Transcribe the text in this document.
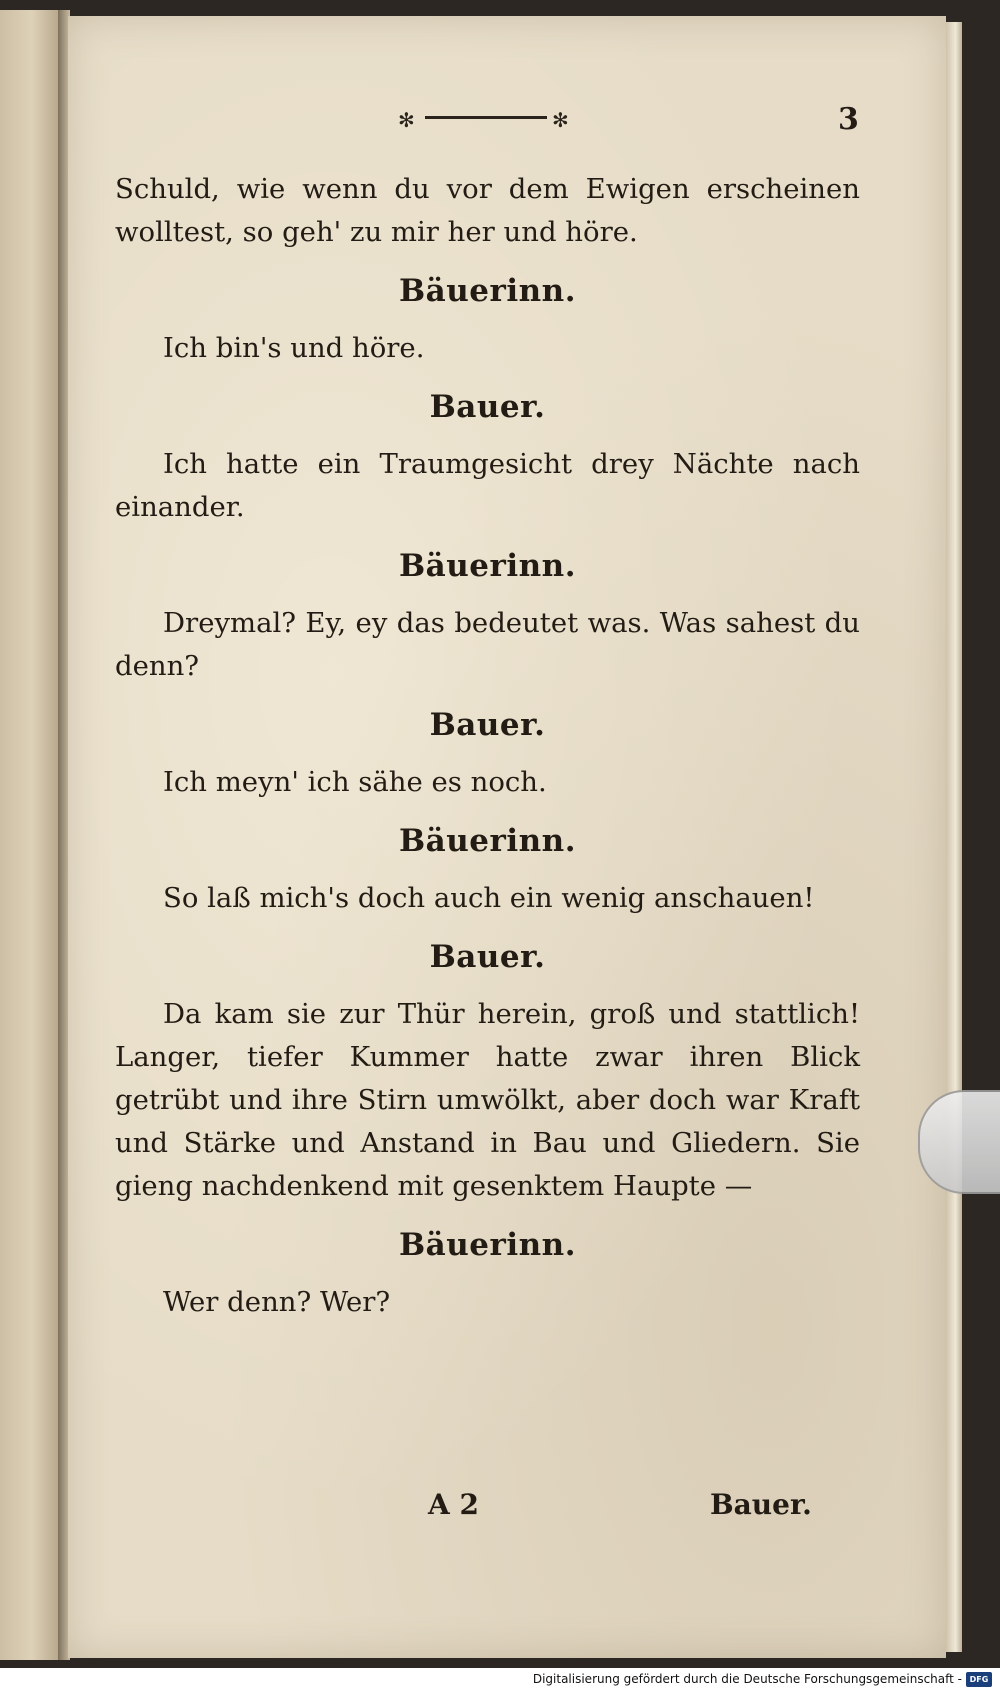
✻	✻	3
Schuld, wie wenn du vor dem Ewigen erscheinen wolltest, so geh' zu mir her und höre.
Bäuerinn.
Ich bin's und höre.
Bauer.
Ich hatte ein Traumgesicht drey Nächte nach einander.
Bäuerinn.
Dreymal? Ey, ey das bedeutet was. Was sahest du denn?
Bauer.
Ich meyn' ich sähe es noch.
Bäuerinn.
So laß mich's doch auch ein wenig anschauen!
Bauer.
Da kam sie zur Thür herein, groß und stattlich! Langer, tiefer Kummer hatte zwar ihren Blick getrübt und ihre Stirn umwölkt, aber doch war Kraft und Stärke und Anstand in Bau und Gliedern. Sie gieng nachdenkend mit gesenktem Haupte —
Bäuerinn.
Wer denn? Wer?
A 2	Bauer.
Digitalisierung gefördert durch die Deutsche Forschungsgemeinschaft - DFG
